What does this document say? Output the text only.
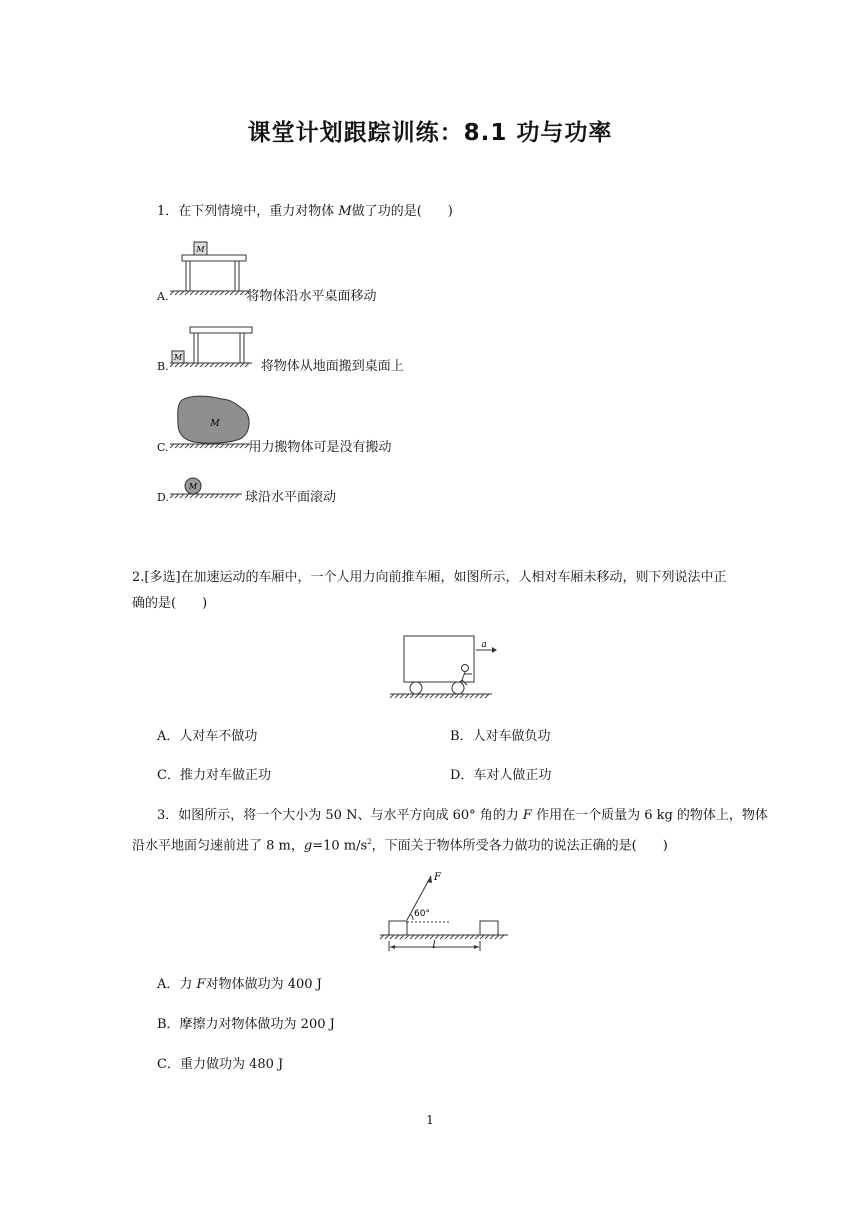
课堂计划跟踪训练：8.1 功与功率
1．在下列情境中，重力对物体 M做了功的是(　　)
M
A.	将物体沿水平桌面移动
M
B.	将物体从地面搬到桌面上
M
C.	用力搬物体可是没有搬动
M
D.	球沿水平面滚动
2.[多选]在加速运动的车厢中，一个人用力向前推车厢，如图所示，人相对车厢未移动，则下列说法中正
确的是(　　)
a
A．人对车不做功	B．人对车做负功
C．推力对车做正功	D．车对人做正功
3．如图所示，将一个大小为 50 N、与水平方向成 60° 角的力 F 作用在一个质量为 6 kg 的物体上，物体
沿水平地面匀速前进了 8 m，g=10 $m/s^2$，下面关于物体所受各力做功的说法正确的是(　　)
F
60°
l
A．力 F对物体做功为 400 J
B．摩擦力对物体做功为 200 J
C．重力做功为 480 J
1
